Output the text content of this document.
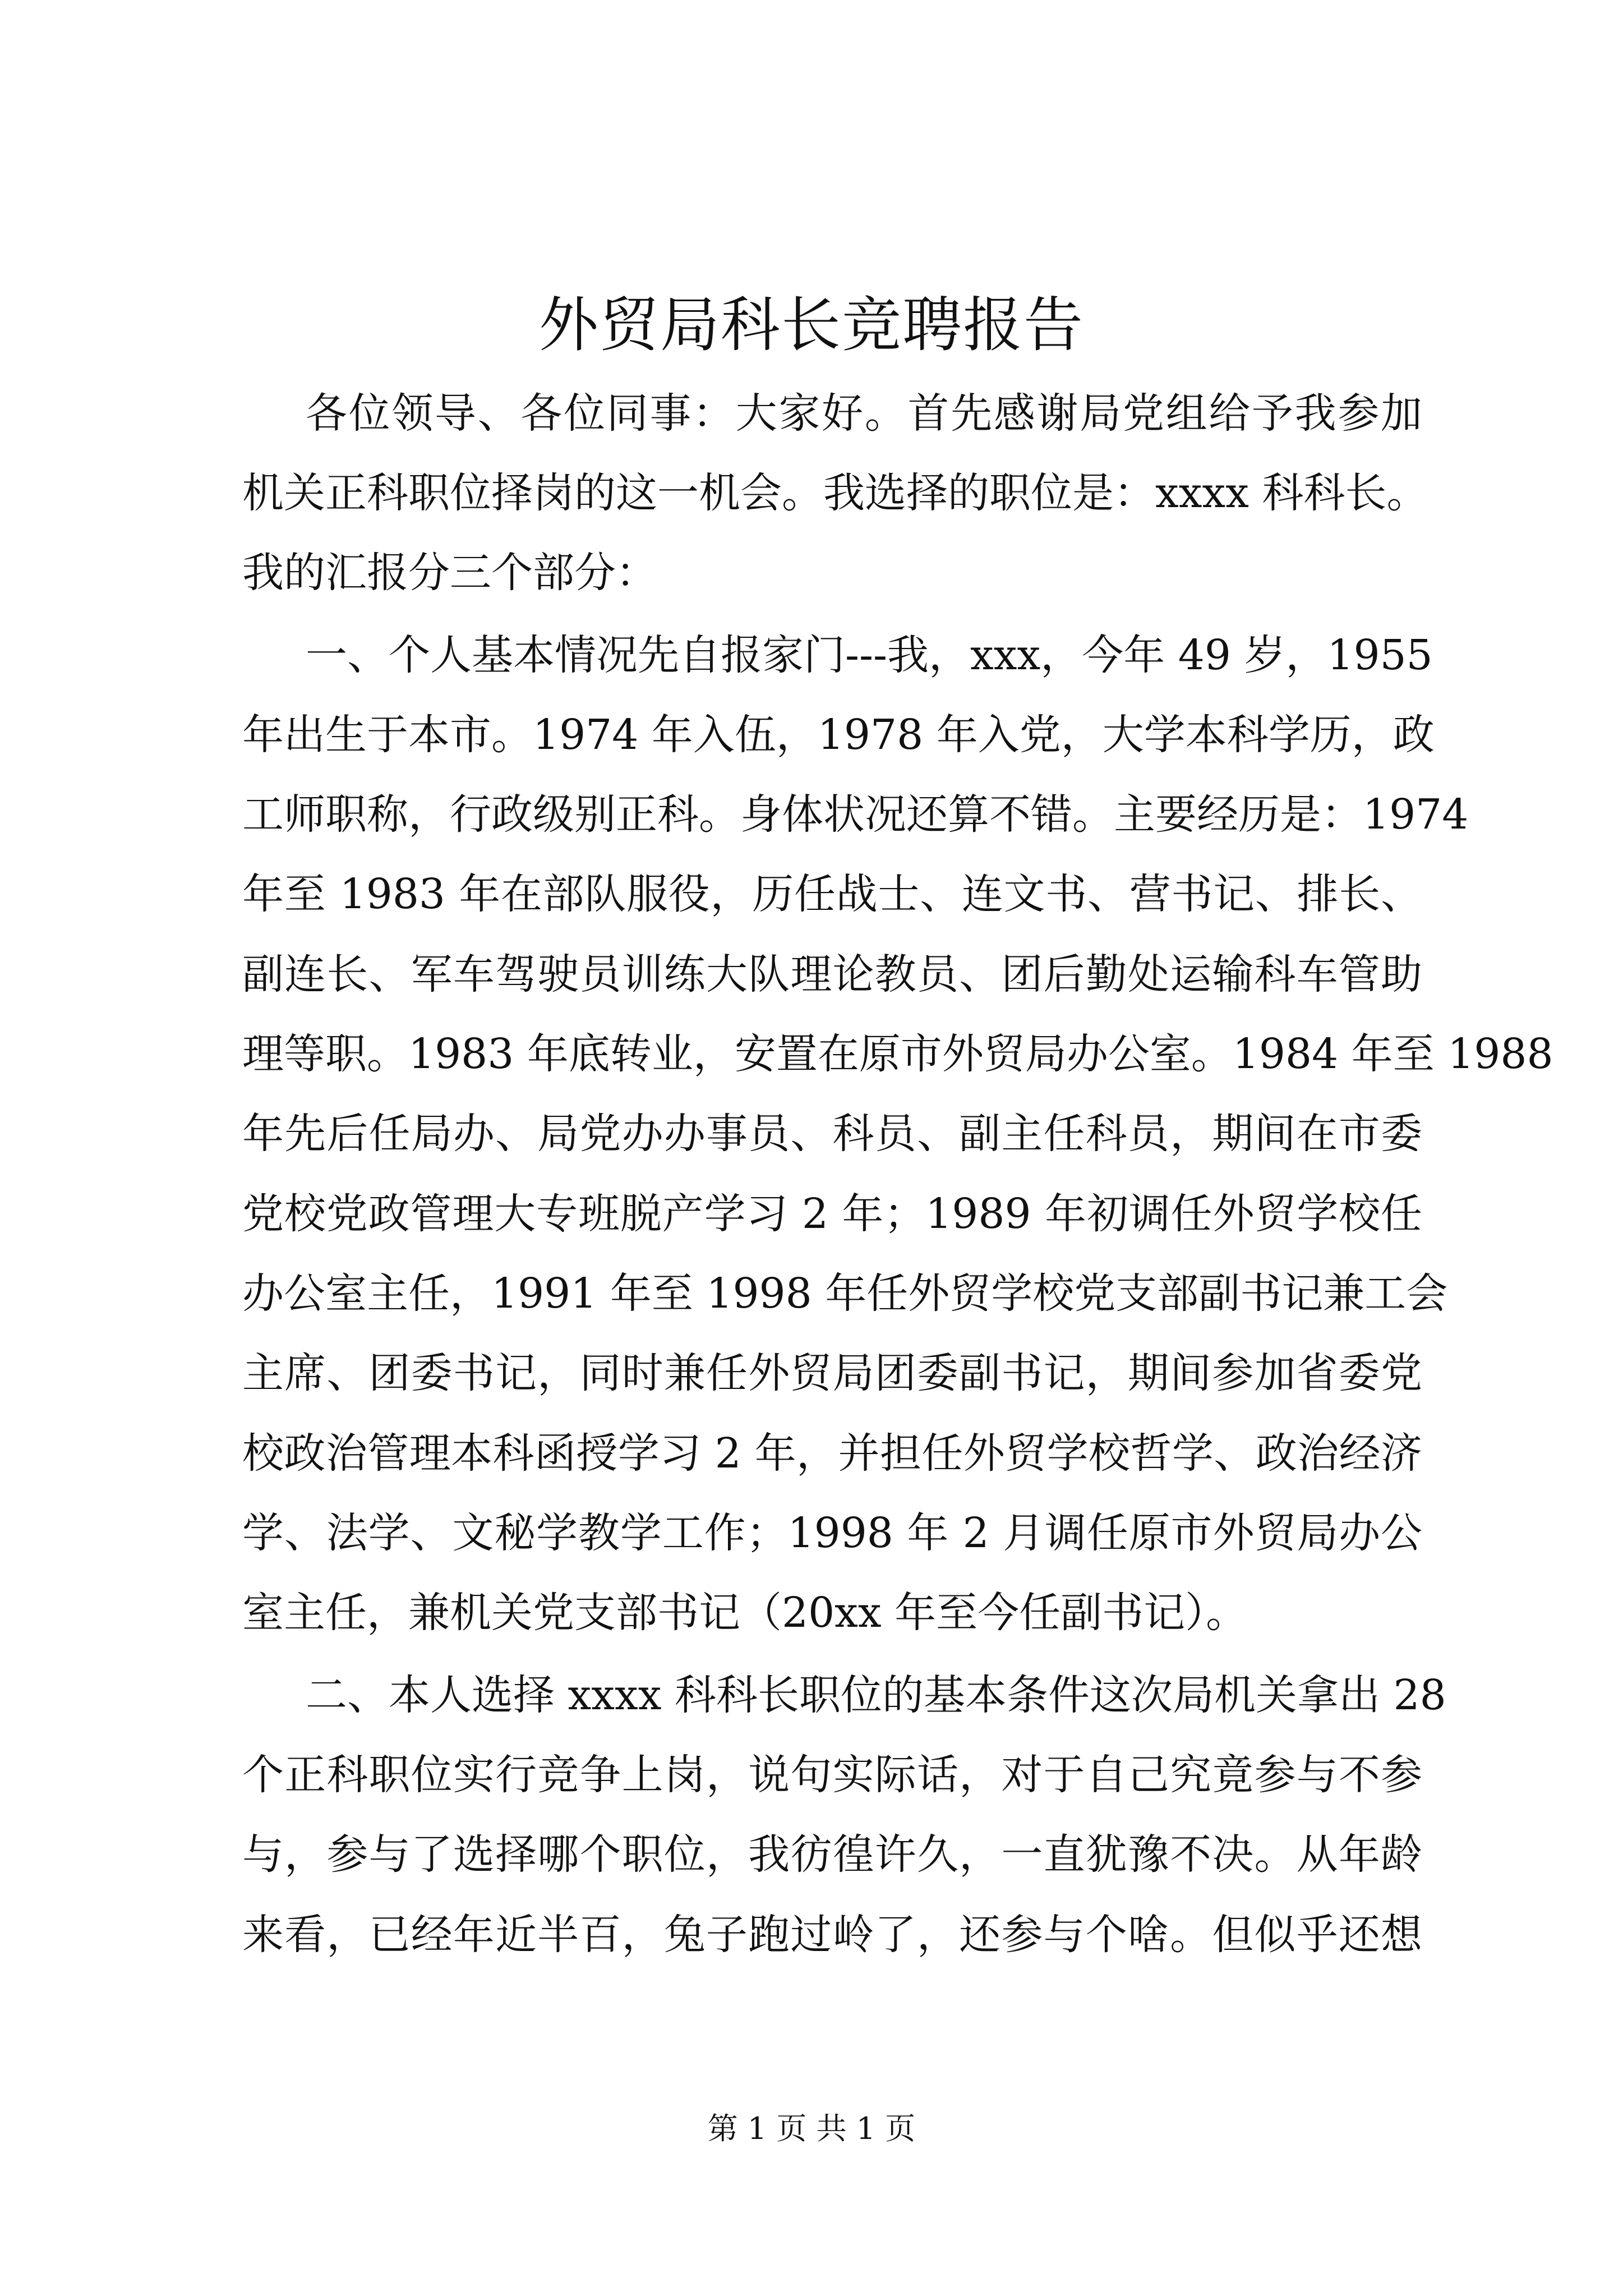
外贸局科长竞聘报告
各位领导、各位同事：大家好。首先感谢局党组给予我参加
机关正科职位择岗的这一机会。我选择的职位是：xxxx 科科长。
我的汇报分三个部分：
一、个人基本情况先自报家门---我，xxx，今年 49 岁，1955
年出生于本市。1974 年入伍，1978 年入党，大学本科学历，政
工师职称，行政级别正科。身体状况还算不错。主要经历是：1974
年至 1983 年在部队服役，历任战士、连文书、营书记、排长、
副连长、军车驾驶员训练大队理论教员、团后勤处运输科车管助
理等职。1983 年底转业，安置在原市外贸局办公室。1984 年至 1988
年先后任局办、局党办办事员、科员、副主任科员，期间在市委
党校党政管理大专班脱产学习 2 年；1989 年初调任外贸学校任
办公室主任，1991 年至 1998 年任外贸学校党支部副书记兼工会
主席、团委书记，同时兼任外贸局团委副书记，期间参加省委党
校政治管理本科函授学习 2 年，并担任外贸学校哲学、政治经济
学、法学、文秘学教学工作；1998 年 2 月调任原市外贸局办公
室主任，兼机关党支部书记（20xx 年至今任副书记）。
二、本人选择 xxxx 科科长职位的基本条件这次局机关拿出 28
个正科职位实行竞争上岗，说句实际话，对于自己究竟参与不参
与，参与了选择哪个职位，我彷徨许久，一直犹豫不决。从年龄
来看，已经年近半百，兔子跑过岭了，还参与个啥。但似乎还想
第 1 页 共 1 页
